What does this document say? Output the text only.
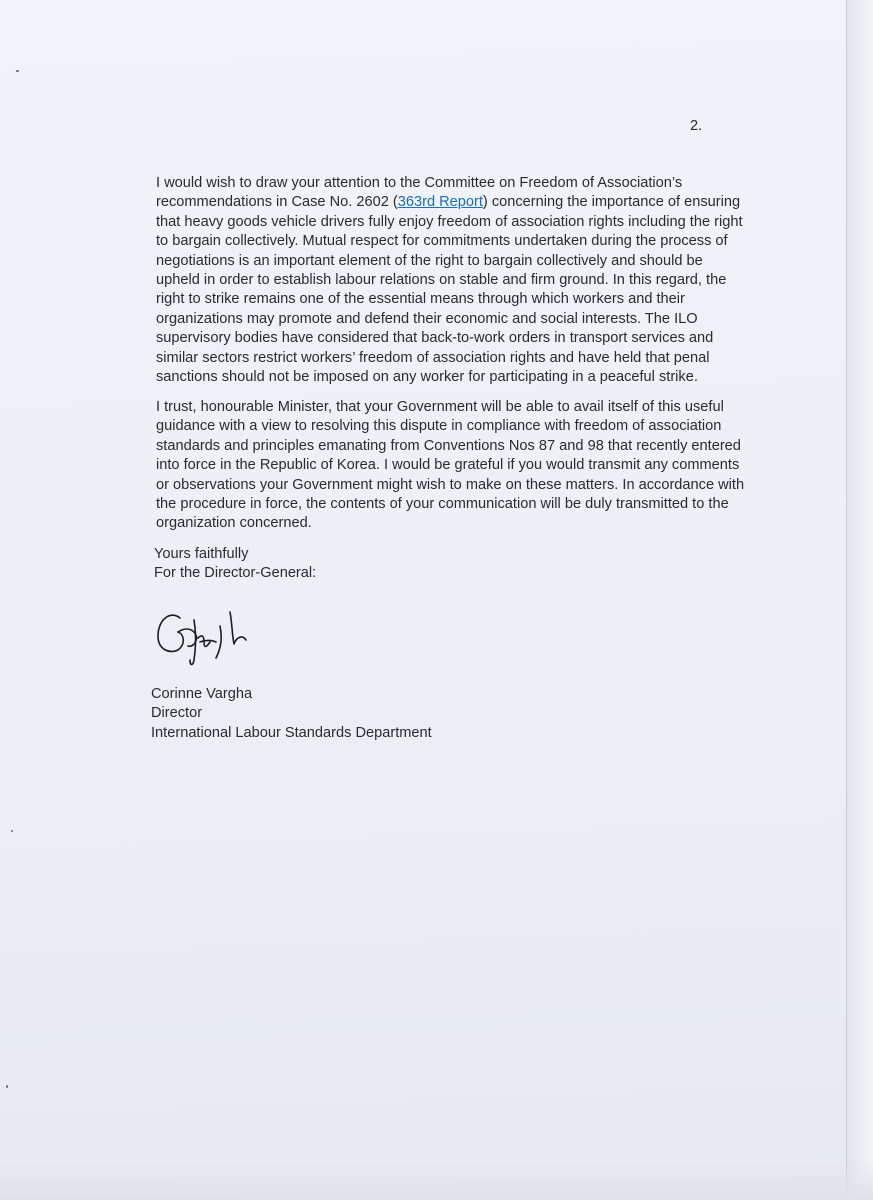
2.
I would wish to draw your attention to the Committee on Freedom of Association’s
recommendations in Case No. 2602 (363rd Report) concerning the importance of ensuring
that heavy goods vehicle drivers fully enjoy freedom of association rights including the right
to bargain collectively. Mutual respect for commitments undertaken during the process of
negotiations is an important element of the right to bargain collectively and should be
upheld in order to establish labour relations on stable and firm ground. In this regard, the
right to strike remains one of the essential means through which workers and their
organizations may promote and defend their economic and social interests. The ILO
supervisory bodies have considered that back-to-work orders in transport services and
similar sectors restrict workers’ freedom of association rights and have held that penal
sanctions should not be imposed on any worker for participating in a peaceful strike.
I trust, honourable Minister, that your Government will be able to avail itself of this useful
guidance with a view to resolving this dispute in compliance with freedom of association
standards and principles emanating from Conventions Nos 87 and 98 that recently entered
into force in the Republic of Korea. I would be grateful if you would transmit any comments
or observations your Government might wish to make on these matters. In accordance with
the procedure in force, the contents of your communication will be duly transmitted to the
organization concerned.
Yours faithfully
For the Director-General:
Corinne Vargha
Director
International Labour Standards Department
